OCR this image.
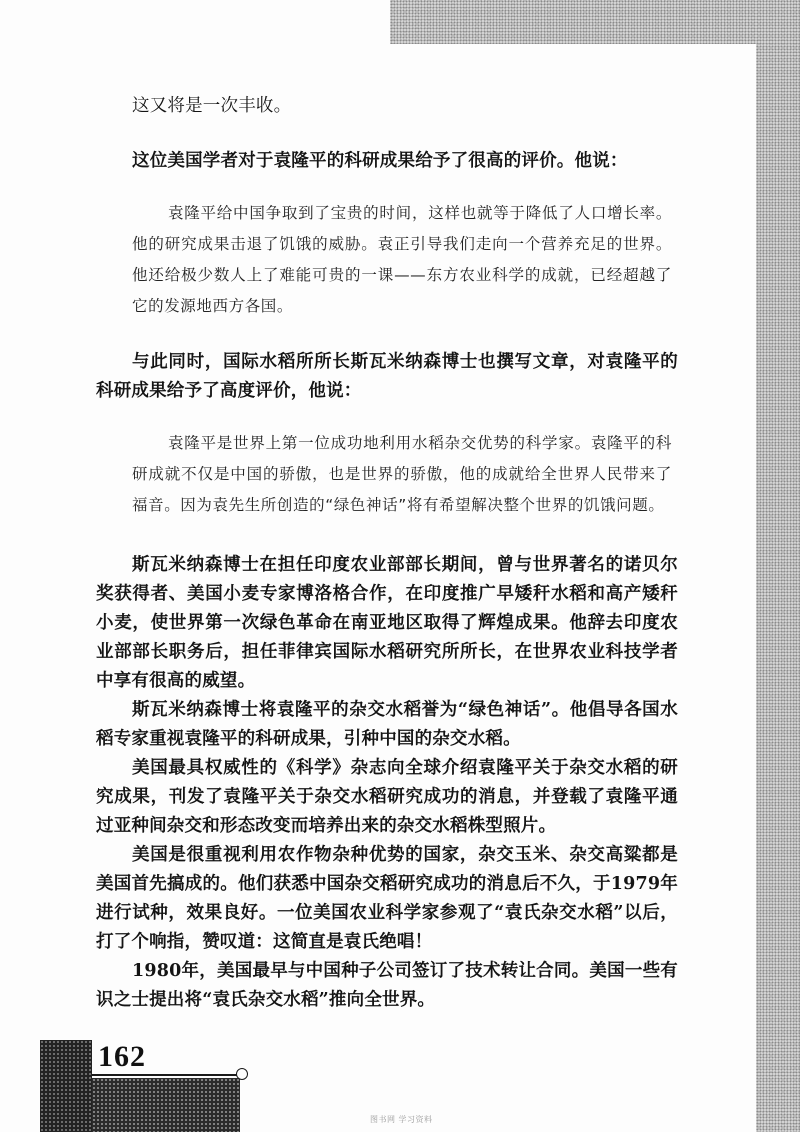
这又将是一次丰收。

这位美国学者对于袁隆平的科研成果给予了很高的评价。他说：

袁隆平给中国争取到了宝贵的时间，这样也就等于降低了人口增长率。他的研究成果击退了饥饿的威胁。袁正引导我们走向一个营养充足的世界。他还给极少数人上了难能可贵的一课——东方农业科学的成就，已经超越了它的发源地西方各国。

与此同时，国际水稻所所长斯瓦米纳森博士也撰写文章，对袁隆平的科研成果给予了高度评价，他说：

袁隆平是世界上第一位成功地利用水稻杂交优势的科学家。袁隆平的科研成就不仅是中国的骄傲，也是世界的骄傲，他的成就给全世界人民带来了福音。因为袁先生所创造的“绿色神话”将有希望解决整个世界的饥饿问题。

斯瓦米纳森博士在担任印度农业部部长期间，曾与世界著名的诺贝尔奖获得者、美国小麦专家博洛格合作，在印度推广早矮秆水稻和高产矮秆小麦，使世界第一次绿色革命在南亚地区取得了辉煌成果。他辞去印度农业部部长职务后，担任菲律宾国际水稻研究所所长，在世界农业科技学者中享有很高的威望。

斯瓦米纳森博士将袁隆平的杂交水稻誉为“绿色神话”。他倡导各国水稻专家重视袁隆平的科研成果，引种中国的杂交水稻。

美国最具权威性的《科学》杂志向全球介绍袁隆平关于杂交水稻的研究成果，刊发了袁隆平关于杂交水稻研究成功的消息，并登载了袁隆平通过亚种间杂交和形态改变而培养出来的杂交水稻株型照片。

美国是很重视利用农作物杂种优势的国家，杂交玉米、杂交高粱都是美国首先搞成的。他们获悉中国杂交稻研究成功的消息后不久，于1979年进行试种，效果良好。一位美国农业科学家参观了“袁氏杂交水稻”以后，打了个响指，赞叹道：这简直是袁氏绝唱！

1980年，美国最早与中国种子公司签订了技术转让合同。美国一些有识之士提出将“袁氏杂交水稻”推向全世界。

162
图书网 学习资料
